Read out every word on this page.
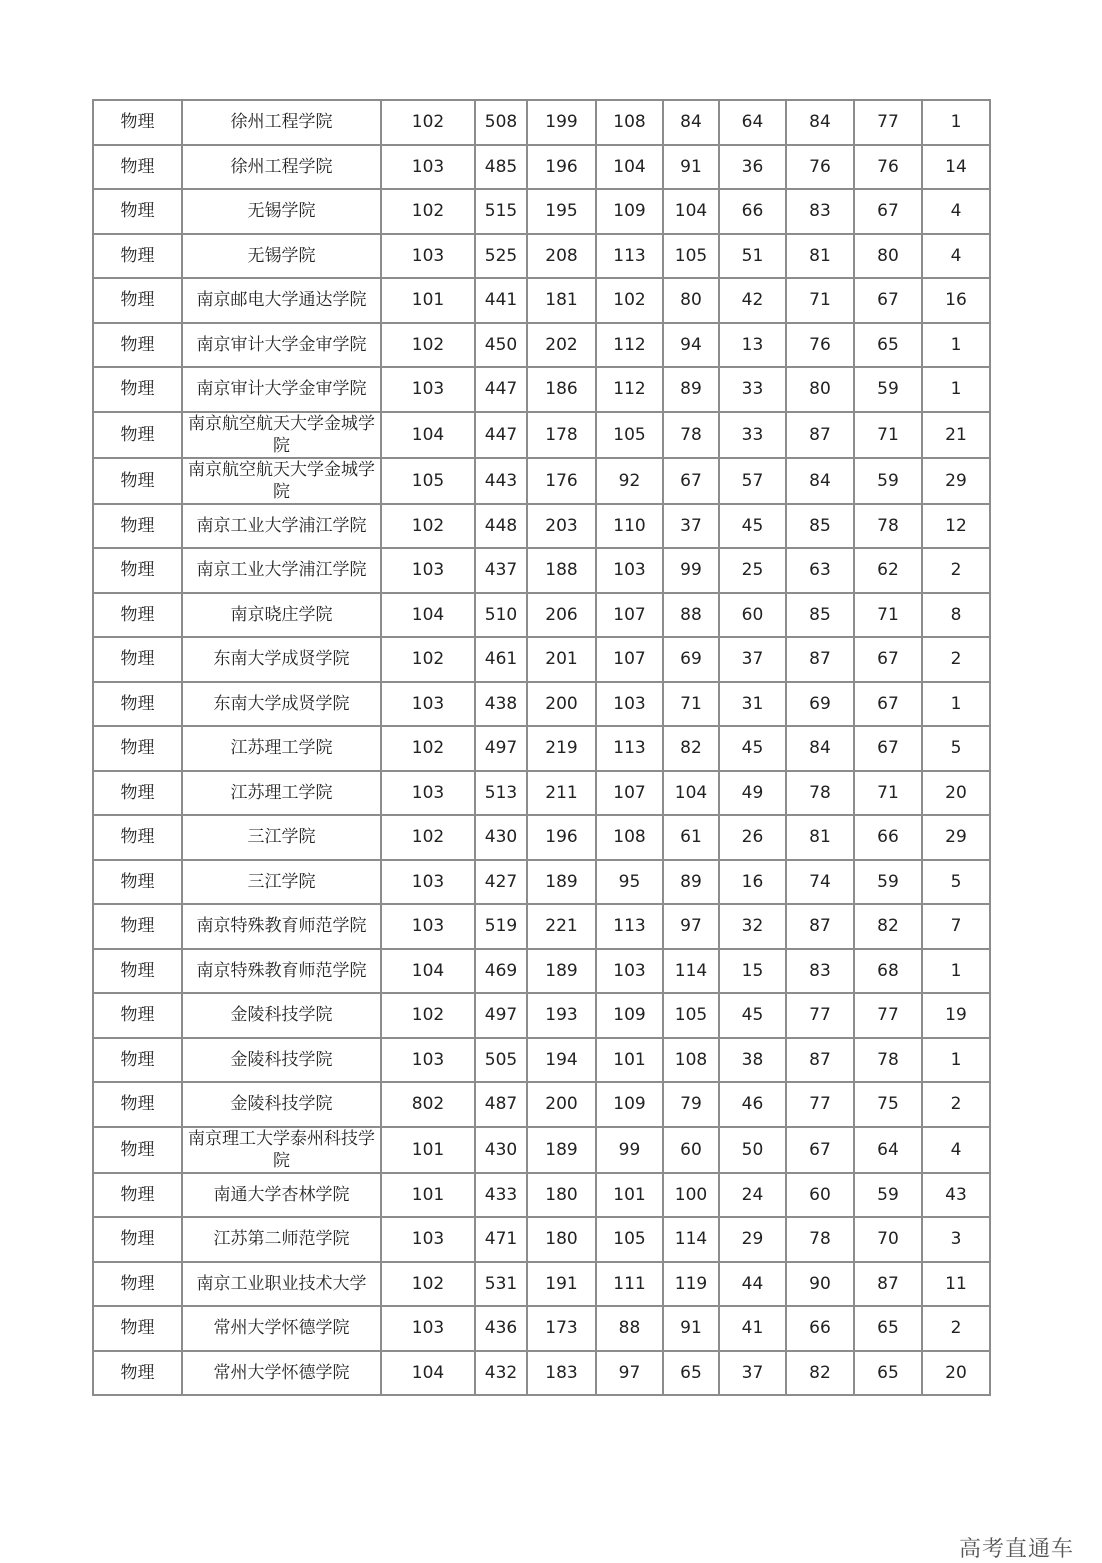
物理	徐州工程学院	102	508	199	108	84	64	84	77	1
物理	徐州工程学院	103	485	196	104	91	36	76	76	14
物理	无锡学院	102	515	195	109	104	66	83	67	4
物理	无锡学院	103	525	208	113	105	51	81	80	4
物理	南京邮电大学通达学院	101	441	181	102	80	42	71	67	16
物理	南京审计大学金审学院	102	450	202	112	94	13	76	65	1
物理	南京审计大学金审学院	103	447	186	112	89	33	80	59	1
物理	南京航空航天大学金城学院	104	447	178	105	78	33	87	71	21
物理	南京航空航天大学金城学院	105	443	176	92	67	57	84	59	29
物理	南京工业大学浦江学院	102	448	203	110	37	45	85	78	12
物理	南京工业大学浦江学院	103	437	188	103	99	25	63	62	2
物理	南京晓庄学院	104	510	206	107	88	60	85	71	8
物理	东南大学成贤学院	102	461	201	107	69	37	87	67	2
物理	东南大学成贤学院	103	438	200	103	71	31	69	67	1
物理	江苏理工学院	102	497	219	113	82	45	84	67	5
物理	江苏理工学院	103	513	211	107	104	49	78	71	20
物理	三江学院	102	430	196	108	61	26	81	66	29
物理	三江学院	103	427	189	95	89	16	74	59	5
物理	南京特殊教育师范学院	103	519	221	113	97	32	87	82	7
物理	南京特殊教育师范学院	104	469	189	103	114	15	83	68	1
物理	金陵科技学院	102	497	193	109	105	45	77	77	19
物理	金陵科技学院	103	505	194	101	108	38	87	78	1
物理	金陵科技学院	802	487	200	109	79	46	77	75	2
物理	南京理工大学泰州科技学院	101	430	189	99	60	50	67	64	4
物理	南通大学杏林学院	101	433	180	101	100	24	60	59	43
物理	江苏第二师范学院	103	471	180	105	114	29	78	70	3
物理	南京工业职业技术大学	102	531	191	111	119	44	90	87	11
物理	常州大学怀德学院	103	436	173	88	91	41	66	65	2
物理	常州大学怀德学院	104	432	183	97	65	37	82	65	20
高考直通车
